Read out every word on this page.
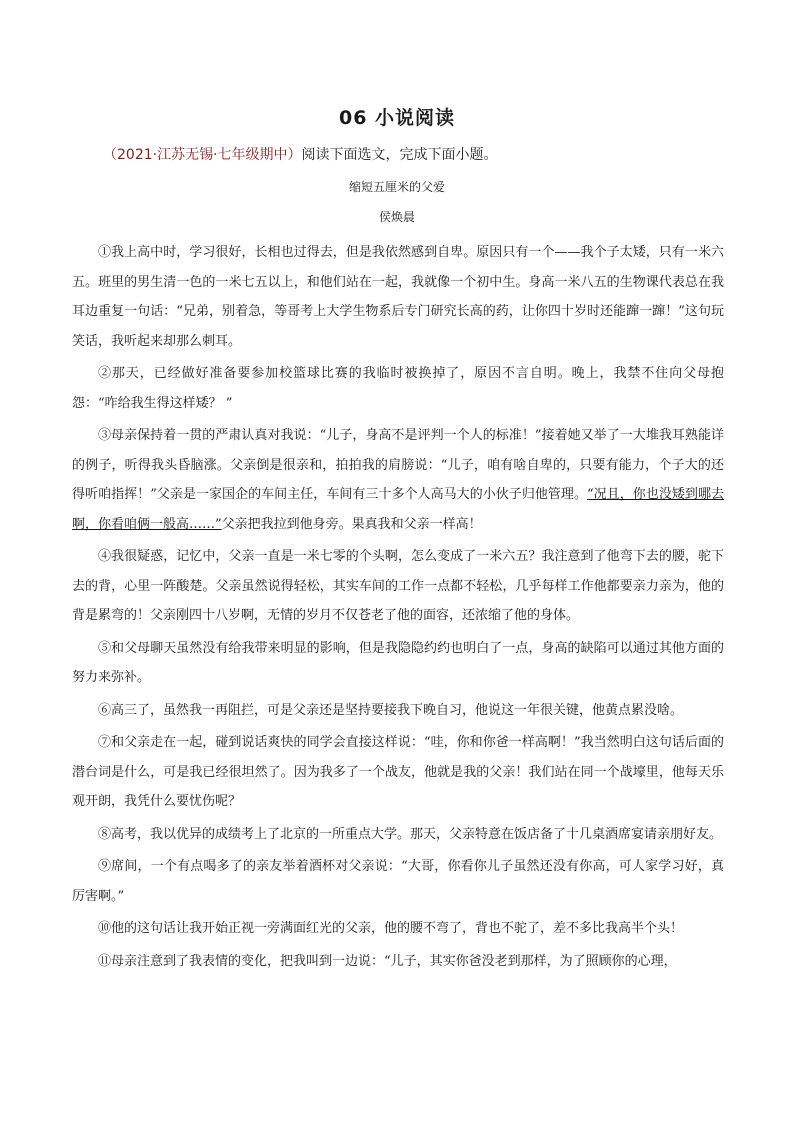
06 小说阅读
（2021·江苏无锡·七年级期中）阅读下面选文，完成下面小题。
缩短五厘米的父爱
侯焕晨

①我上高中时，学习很好，长相也过得去，但是我依然感到自卑。原因只有一个——我个子太矮，只有一米六五。班里的男生清一色的一米七五以上，和他们站在一起，我就像一个初中生。身高一米八五的生物课代表总在我耳边重复一句话：“兄弟，别着急，等哥考上大学生物系后专门研究长高的药，让你四十岁时还能蹿一蹿！”这句玩笑话，我听起来却那么刺耳。

②那天，已经做好准备要参加校篮球比赛的我临时被换掉了，原因不言自明。晚上，我禁不住向父母抱怨：“咋给我生得这样矮？ ”

③母亲保持着一贯的严肃认真对我说：“儿子，身高不是评判一个人的标准！”接着她又举了一大堆我耳熟能详的例子，听得我头昏脑涨。父亲倒是很亲和，拍拍我的肩膀说：“儿子，咱有啥自卑的，只要有能力，个子大的还得听咱指挥！”父亲是一家国企的车间主任，车间有三十多个人高马大的小伙子归他管理。“况且，你也没矮到哪去啊，你看咱俩一般高……”父亲把我拉到他身旁。果真我和父亲一样高！

④我很疑惑，记忆中，父亲一直是一米七零的个头啊，怎么变成了一米六五？我注意到了他弯下去的腰，驼下去的背，心里一阵酸楚。父亲虽然说得轻松，其实车间的工作一点都不轻松，几乎每样工作他都要亲力亲为，他的背是累弯的！父亲刚四十八岁啊，无情的岁月不仅苍老了他的面容，还浓缩了他的身体。

⑤和父母聊天虽然没有给我带来明显的影响，但是我隐隐约约也明白了一点，身高的缺陷可以通过其他方面的努力来弥补。

⑥高三了，虽然我一再阻拦，可是父亲还是坚持要接我下晚自习，他说这一年很关键，他黄点累没啥。

⑦和父亲走在一起，碰到说话爽快的同学会直接这样说：“哇，你和你爸一样高啊！”我当然明白这句话后面的潜台词是什么，可是我已经很坦然了。因为我多了一个战友，他就是我的父亲！我们站在同一个战壕里，他每天乐观开朗，我凭什么要忧伤呢？

⑧高考，我以优异的成绩考上了北京的一所重点大学。那天，父亲特意在饭店备了十几桌酒席宴请亲朋好友。

⑨席间，一个有点喝多了的亲友举着酒杯对父亲说：“大哥，你看你儿子虽然还没有你高，可人家学习好，真厉害啊。”

⑩他的这句话让我开始正视一旁满面红光的父亲，他的腰不弯了，背也不驼了，差不多比我高半个头！

⑪母亲注意到了我表情的变化，把我叫到一边说：“儿子，其实你爸没老到那样，为了照顾你的心理，
